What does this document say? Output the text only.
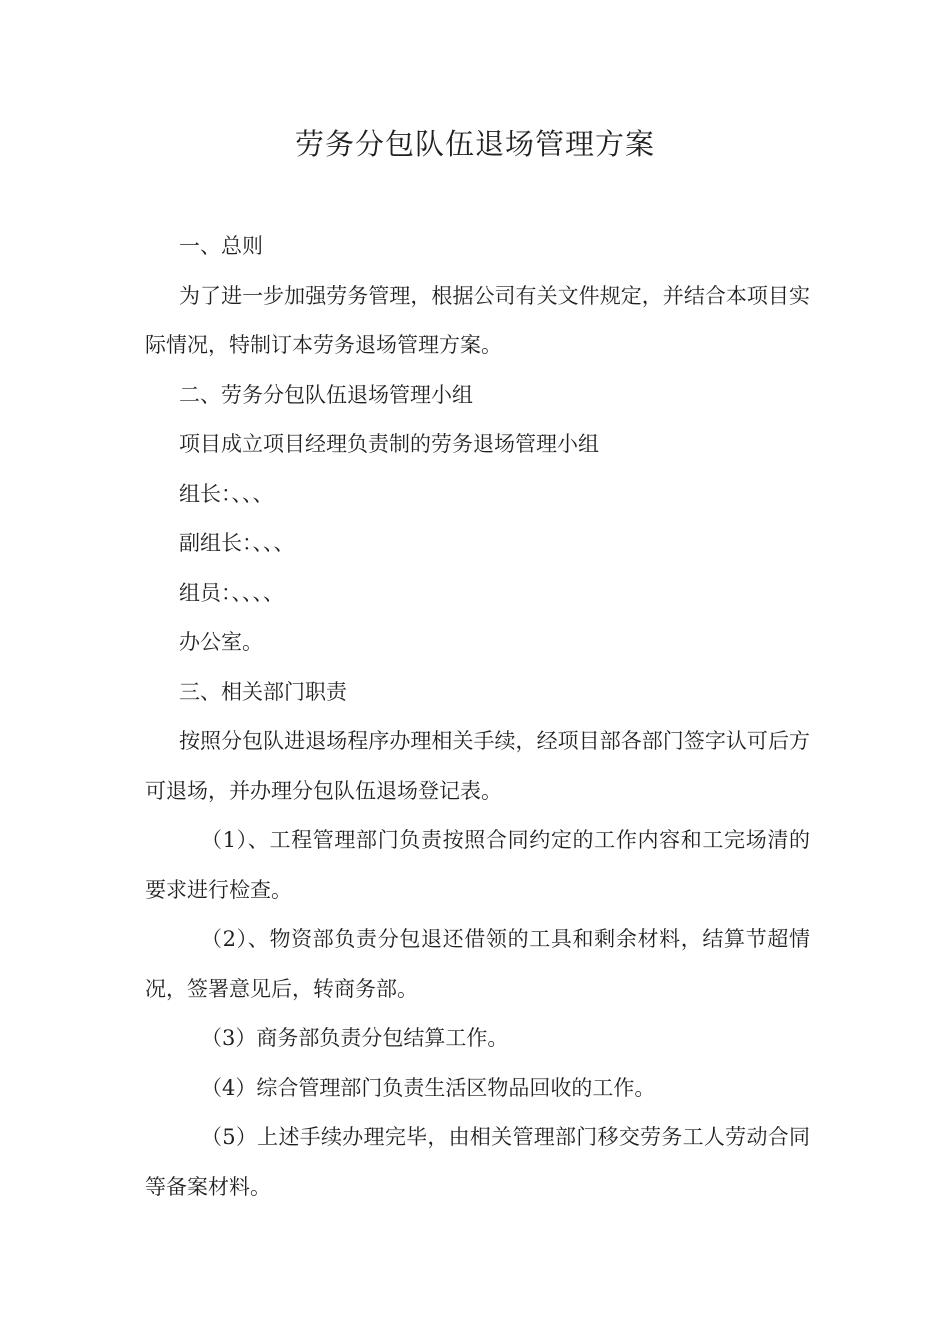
劳务分包队伍退场管理方案

一、总则

为了进一步加强劳务管理，根据公司有关文件规定，并结合本项目实际情况，特制订本劳务退场管理方案。

二、劳务分包队伍退场管理小组

项目成立项目经理负责制的劳务退场管理小组

组长：、、、

副组长：、、、

组员：、、、、

办公室。

三、相关部门职责

按照分包队进退场程序办理相关手续，经项目部各部门签字认可后方可退场，并办理分包队伍退场登记表。

（1）、工程管理部门负责按照合同约定的工作内容和工完场清的要求进行检查。

（2）、物资部负责分包退还借领的工具和剩余材料，结算节超情况，签署意见后，转商务部。

（3）商务部负责分包结算工作。

（4）综合管理部门负责生活区物品回收的工作。

（5）上述手续办理完毕，由相关管理部门移交劳务工人劳动合同等备案材料。
